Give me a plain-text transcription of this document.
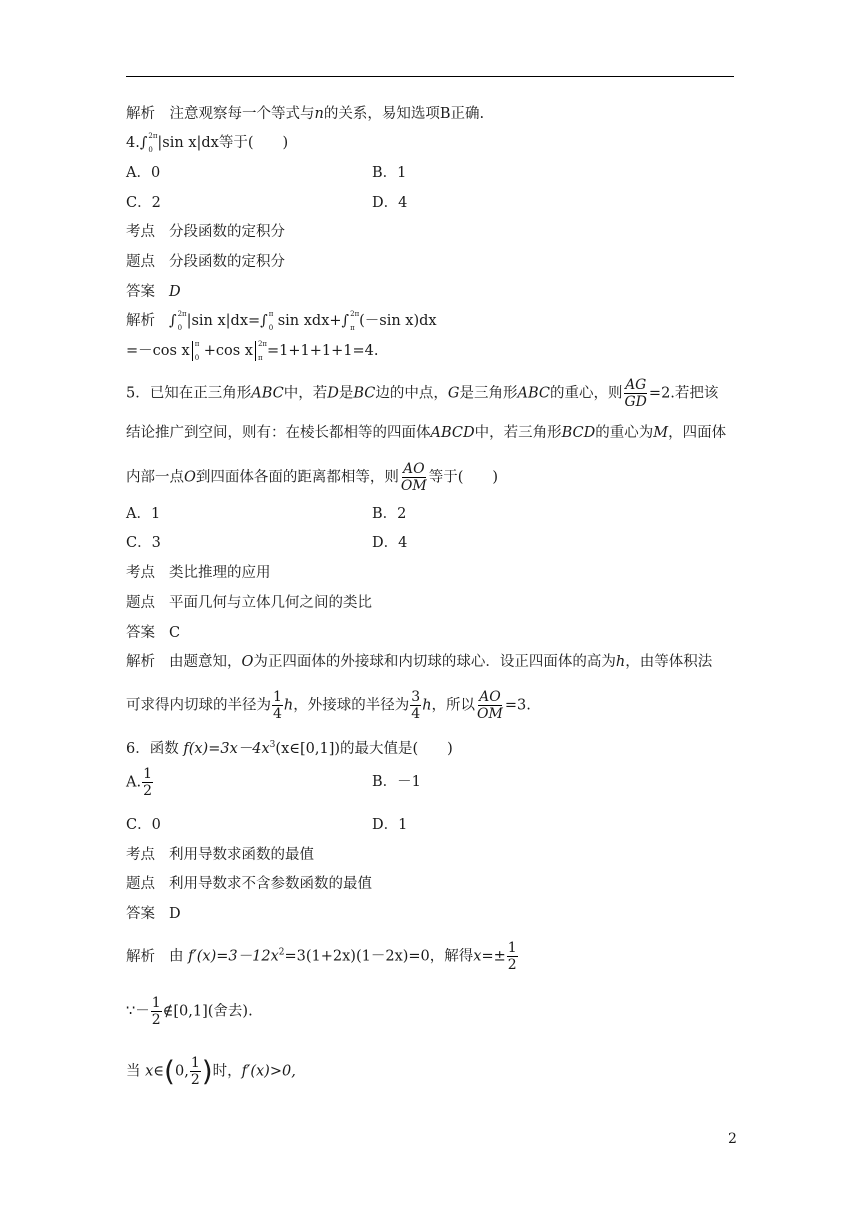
解析　注意观察每一个等式与n的关系，易知选项B正确.
4.∫ 2π
0 |sin x|dx等于(　　)
A．0	B．1
C．2	D．4
考点 分段函数的定积分
题点 分段函数的定积分
答案 D
解析 ∫ 2π
0 |sin x|dx=∫ π
0 sin xdx+∫ 2π
π (－sin x)dx
=－cos x π
0 +cos x 2π
π =1+1+1+1=4.
5．已知在正三角形ABC中，若D是BC边的中点，G是三角形ABC的重心，则 $\frac{AG}{GD} =2$.若把该
结论推广到空间，则有：在棱长都相等的四面体ABCD中，若三角形BCD的重心为M，四面体
内部一点O到四面体各面的距离都相等，则 $\frac{AO}{OM}$ 等于(　　)
A．1	B．2
C．3	D．4
考点 类比推理的应用
题点 平面几何与立体几何之间的类比
答案 C
解析 由题意知，O为正四面体的外接球和内切球的球心．设正四面体的高为h，由等体积法
可求得内切球的半径为 $\frac{1}{4}$ h，外接球的半径为 $\frac{3}{4}$ h，所以 $\frac{AO}{OM} =3$.
6．函数 $f(x)=3x-4x^3(x\in[0,1])$的最大值是(　　)
A. $\frac{1}{2}$	B．－1
C．0	D．1
考点 利用导数求函数的最值
题点 利用导数求不含参数函数的最值
答案 D
解析 由 $f'(x)=3-12x^2=3(1+2x)(1-2x)=0$，解得$x=\pm \frac{1}{2}$
∵－ $\frac{1}{2}$ ∉[0,1](舍去).
当 x∈(0, $\frac{1}{2}$ )时，f′(x)>0,
2
